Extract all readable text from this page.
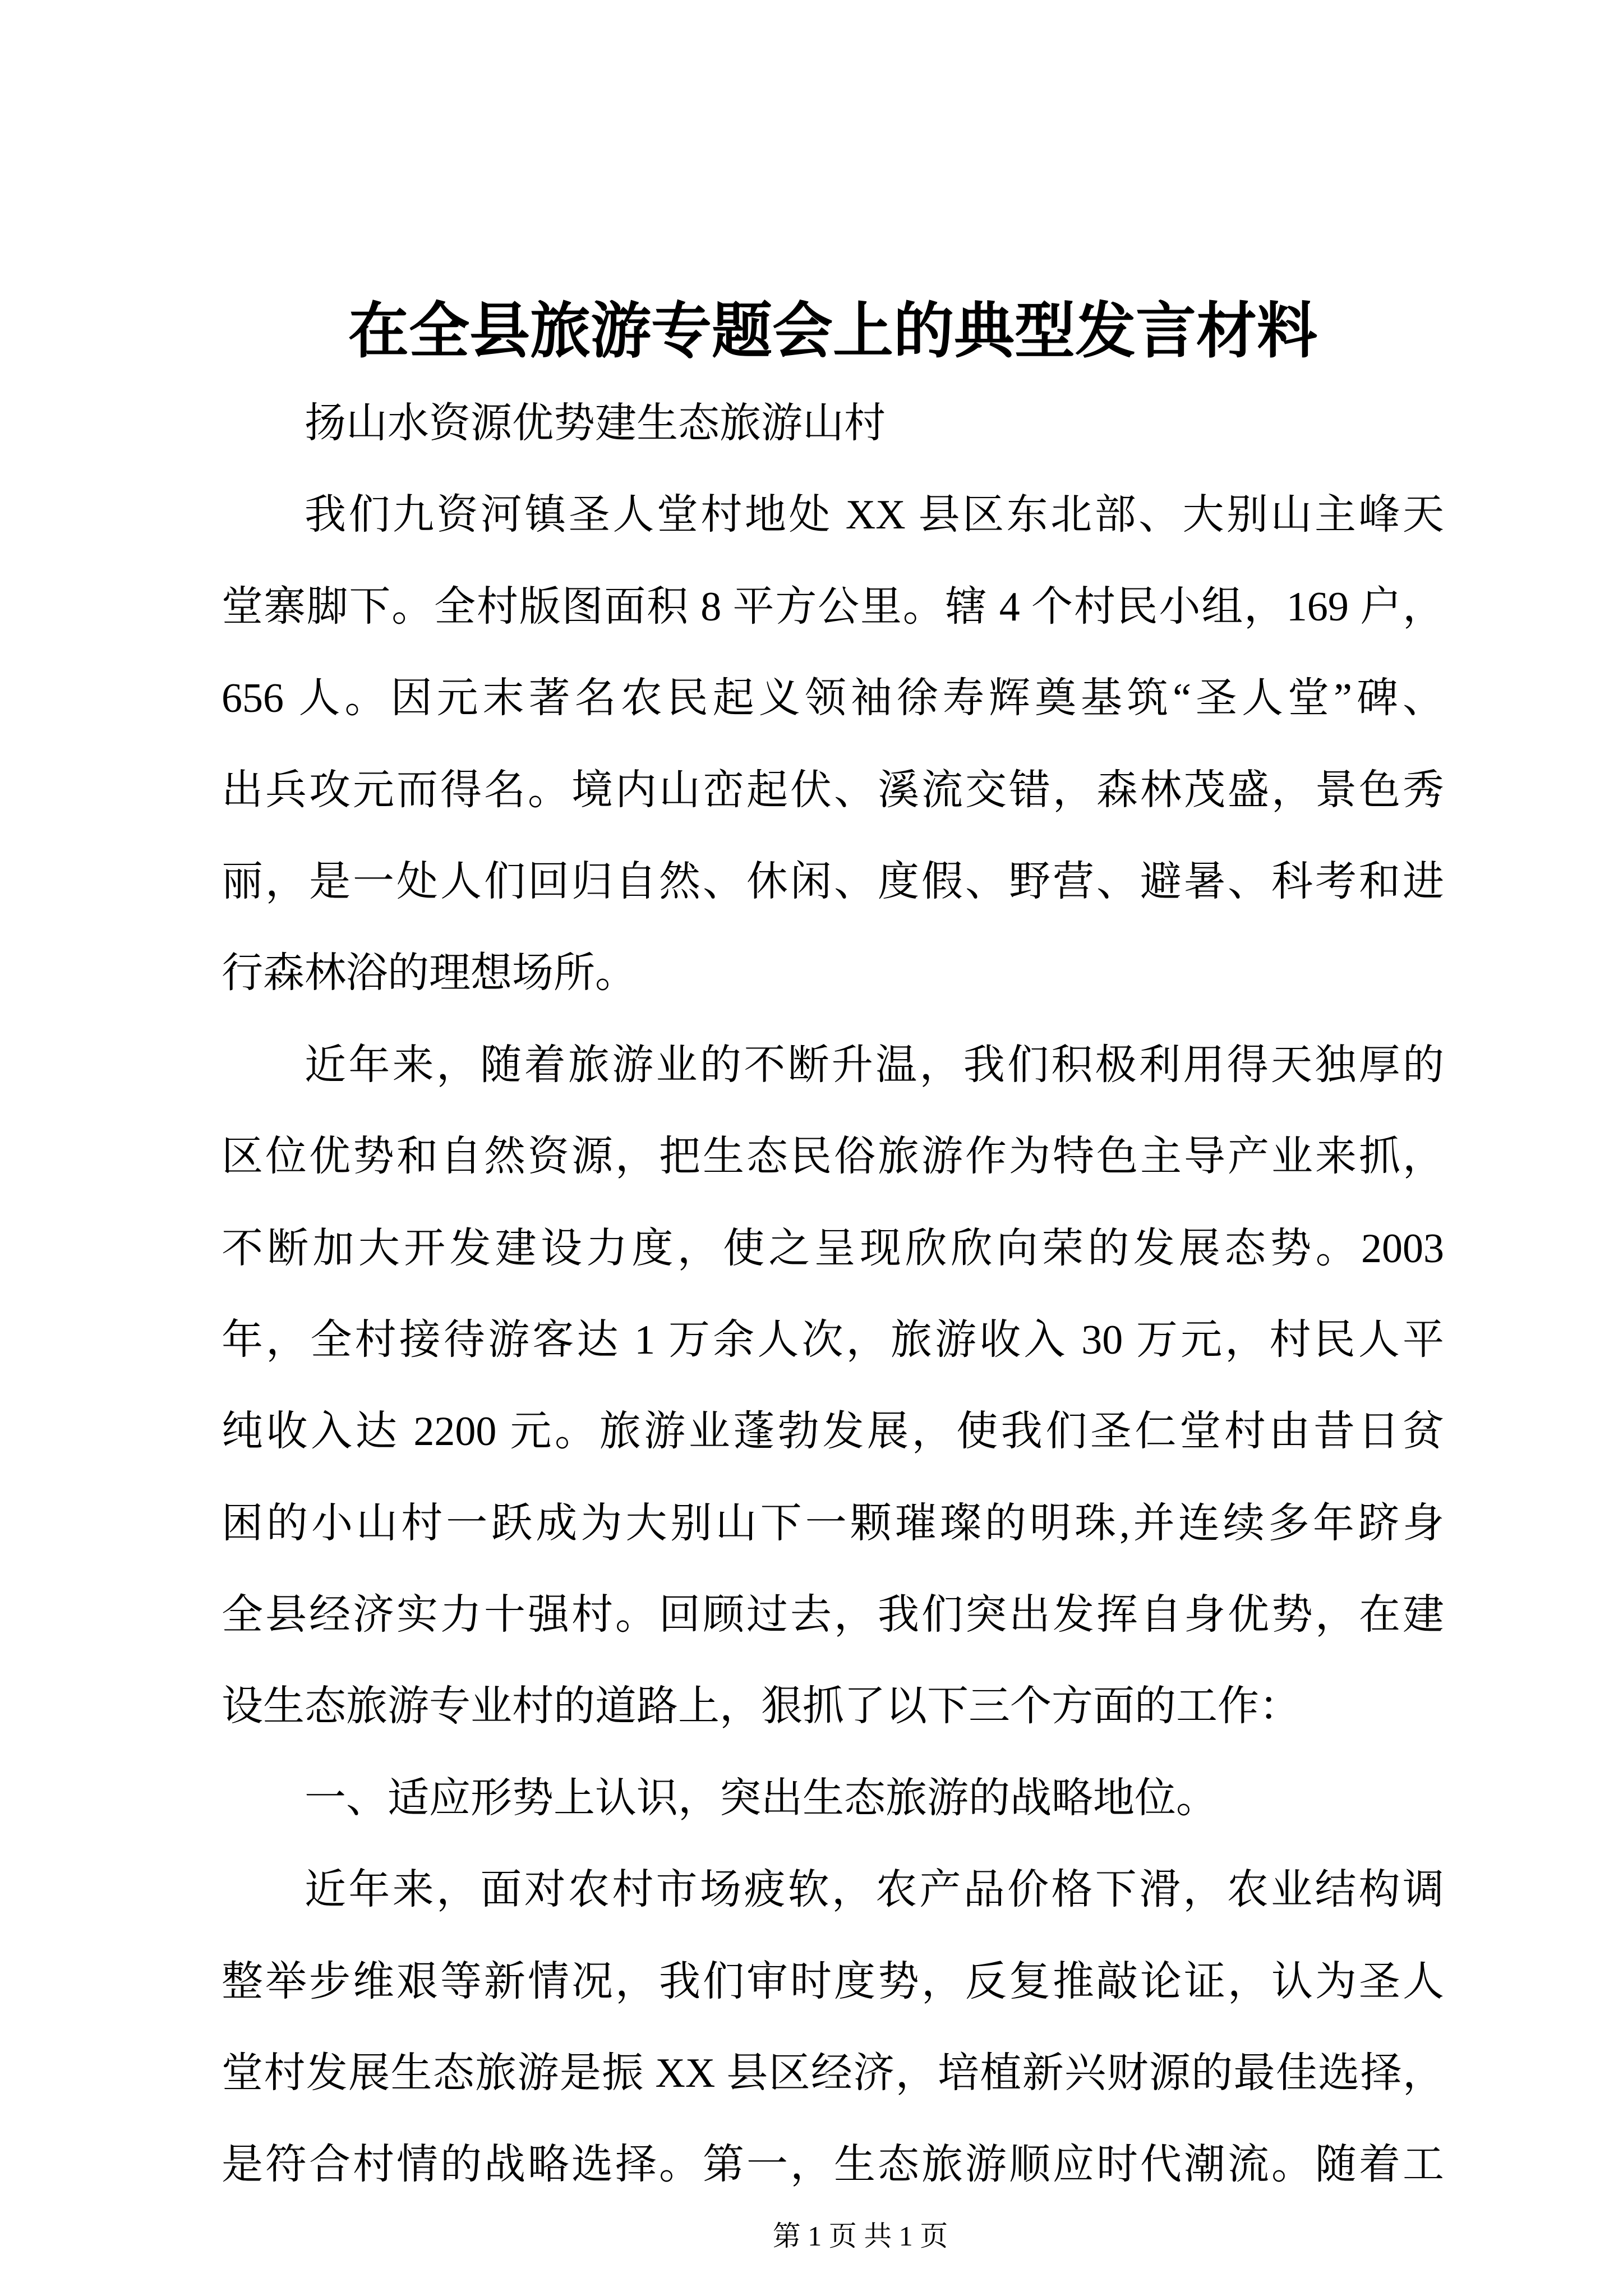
在全县旅游专题会上的典型发言材料
扬山水资源优势建生态旅游山村
我们九资河镇圣人堂村地处 XX 县区东北部、大别山主峰天
堂寨脚下。全村版图面积 8 平方公里。辖 4 个村民小组，169 户，
656 人。因元末著名农民起义领袖徐寿辉奠基筑“圣人堂”碑、
出兵攻元而得名。境内山峦起伏、溪流交错，森林茂盛，景色秀
丽，是一处人们回归自然、休闲、度假、野营、避暑、科考和进
行森林浴的理想场所。
近年来，随着旅游业的不断升温，我们积极利用得天独厚的
区位优势和自然资源，把生态民俗旅游作为特色主导产业来抓，
不断加大开发建设力度，使之呈现欣欣向荣的发展态势。2003
年，全村接待游客达 1 万余人次，旅游收入 30 万元，村民人平
纯收入达 2200 元。旅游业蓬勃发展，使我们圣仁堂村由昔日贫
困的小山村一跃成为大别山下一颗璀璨的明珠,并连续多年跻身
全县经济实力十强村。回顾过去，我们突出发挥自身优势，在建
设生态旅游专业村的道路上，狠抓了以下三个方面的工作：
一、适应形势上认识，突出生态旅游的战略地位。
近年来，面对农村市场疲软，农产品价格下滑，农业结构调
整举步维艰等新情况，我们审时度势，反复推敲论证，认为圣人
堂村发展生态旅游是振 XX 县区经济，培植新兴财源的最佳选择，
是符合村情的战略选择。第一，生态旅游顺应时代潮流。随着工
第 1 页 共 1 页
